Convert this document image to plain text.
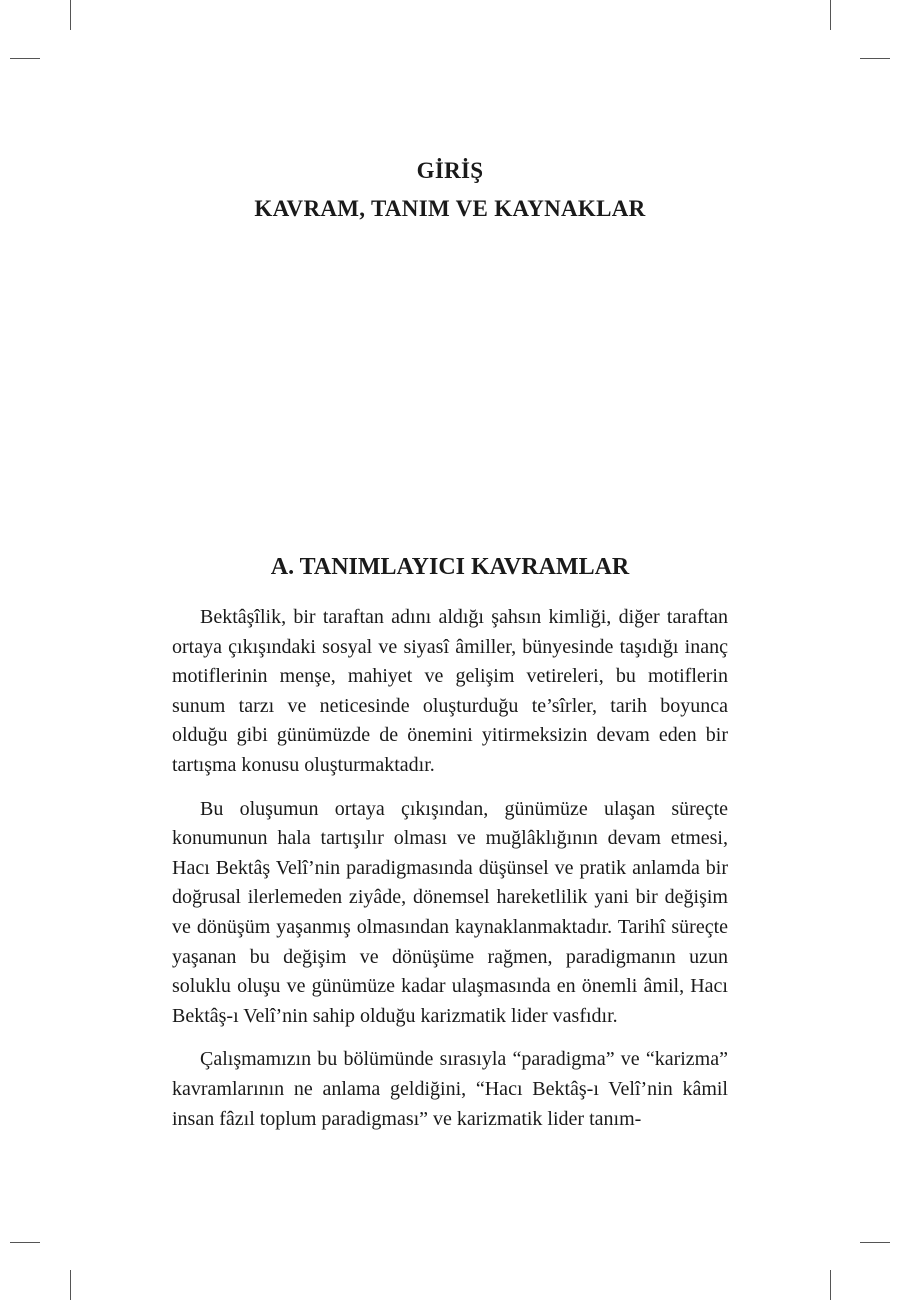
GİRİŞ
KAVRAM, TANIM VE KAYNAKLAR
A. TANIMLAYICI KAVRAMLAR

Bektâşîlik, bir taraftan adını aldığı şahsın kimliği, diğer taraftan ortaya çıkışındaki sosyal ve siyasî âmiller, bünyesinde taşıdığı inanç motiflerinin menşe, mahiyet ve gelişim vetireleri, bu motiflerin sunum tarzı ve neticesinde oluşturduğu te’sîrler, tarih boyunca olduğu gibi günümüzde de önemini yitirmeksizin devam eden bir tartışma konusu oluşturmaktadır.

Bu oluşumun ortaya çıkışından, günümüze ulaşan süreçte konumunun hala tartışılır olması ve muğlâklığının devam etmesi, Hacı Bektâş Velî’nin paradigmasında düşünsel ve pratik anlamda bir doğrusal ilerlemeden ziyâde, dönemsel hareketlilik yani bir değişim ve dönüşüm yaşanmış olmasından kaynaklanmaktadır. Tarihî süreçte yaşanan bu değişim ve dönüşüme rağmen, paradigmanın uzun soluklu oluşu ve günümüze kadar ulaşmasında en önemli âmil, Hacı Bektâş-ı Velî’nin sahip olduğu karizmatik lider vasfıdır.

Çalışmamızın bu bölümünde sırasıyla “paradigma” ve “karizma” kavramlarının ne anlama geldiğini, “Hacı Bektâş-ı Velî’nin kâmil insan fâzıl toplum paradigması” ve karizmatik lider tanım-
